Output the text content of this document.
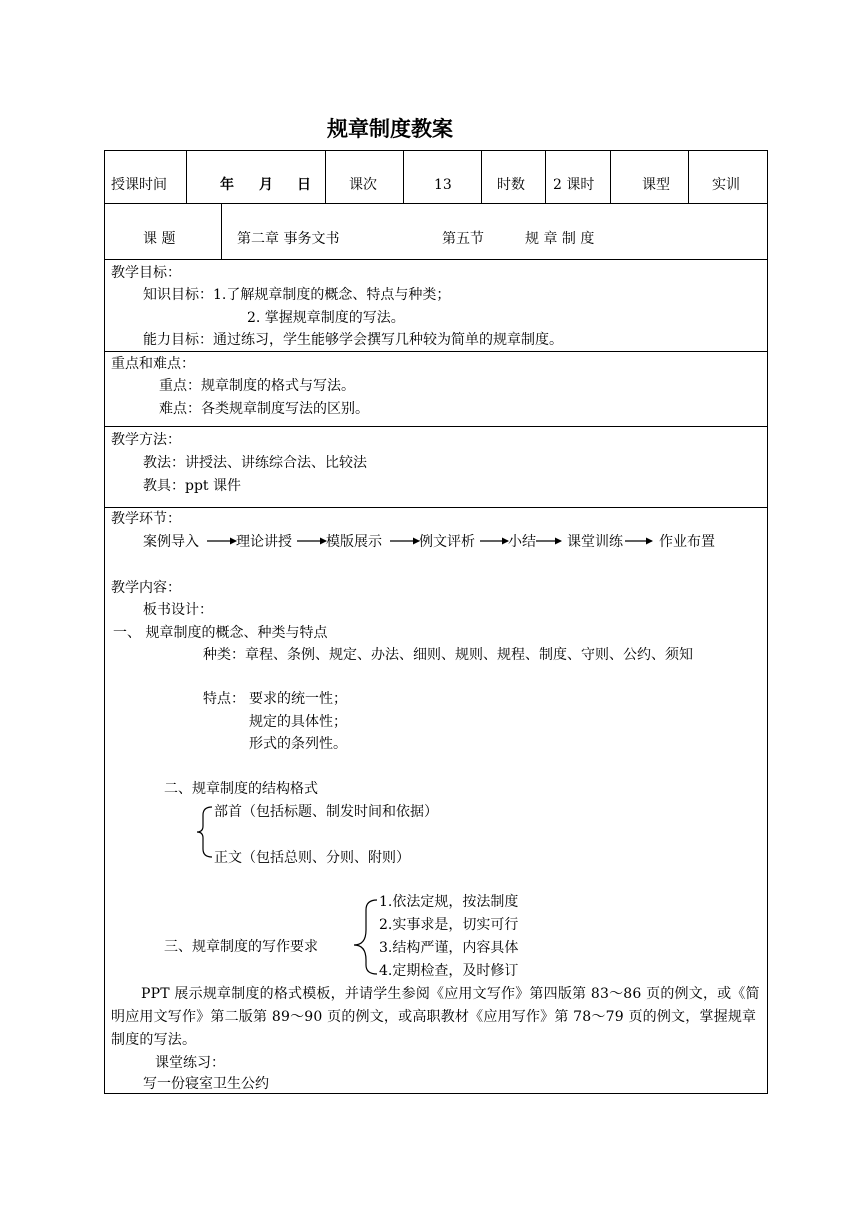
规章制度教案
授课时间	年 月 日	课次	13	时数 2 课时	课型	实训
课 题	第二章 事务文书	第五节	规 章 制 度
教学目标：
知识目标：1.了解规章制度的概念、特点与种类；
2. 掌握规章制度的写法。
能力目标：通过练习，学生能够学会撰写几种较为简单的规章制度。
重点和难点：
重点：规章制度的格式与写法。
难点：各类规章制度写法的区别。
教学方法：
教法：讲授法、讲练综合法、比较法
教具：ppt 课件
教学环节：
案例导入	理论讲授 模版展示	例文评析 小结 课堂训练	作业布置
教学内容：
板书设计：
一、 规章制度的概念、种类与特点
种类：章程、条例、规定、办法、细则、规则、规程、制度、守则、公约、须知
特点： 要求的统一性；
规定的具体性；
形式的条列性。
二、规章制度的结构格式
部首（包括标题、制发时间和依据）
正文（包括总则、分则、附则）
三、规章制度的写作要求
1.依法定规，按法制度
2.实事求是，切实可行
3.结构严谨，内容具体
4.定期检查，及时修订
PPT 展示规章制度的格式模板，并请学生参阅《应用文写作》第四版第 83～86 页的例文，或《简明应用文写作》第二版第 89～90 页的例文，或高职教材《应用写作》第 78～79 页的例文，掌握规章制度的写法。
课堂练习：
写一份寝室卫生公约
